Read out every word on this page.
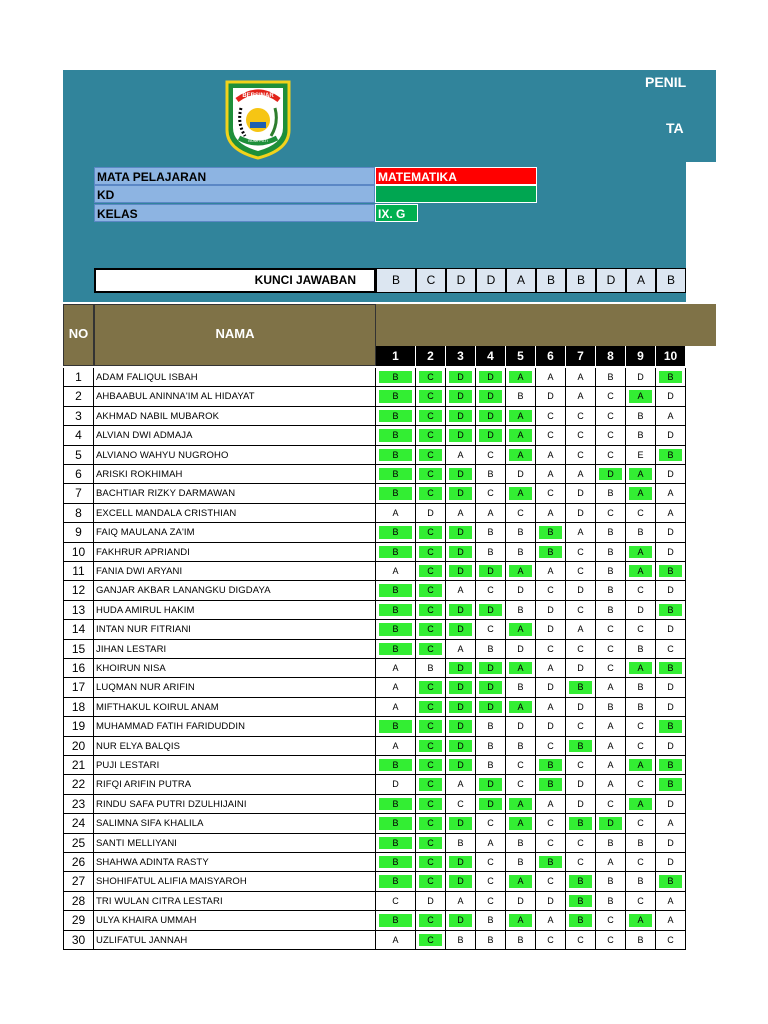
PENIL
TA
BERSINAR
BUMI PATI
MATA PELAJARAN	MATEMATIKA
KD
KELAS	IX. G
KUNCI JAWABAN	B	C	D	D	A	B	B	D	A	B
NO	NAMA
1	2	3	4	5	6	7	8	9	10
1	ADAM FALIQUL ISBAH	B	C	D	D	A	A	A	B	D	B
2	AHBAABUL ANINNA'IM AL HIDAYAT	B	C	D	D	B	D	A	C	A	D
3	AKHMAD NABIL MUBAROK	B	C	D	D	A	C	C	C	B	A
4	ALVIAN DWI ADMAJA	B	C	D	D	A	C	C	C	B	D
5	ALVIANO WAHYU NUGROHO	B	C	A	C	A	A	C	C	E	B
6	ARISKI ROKHIMAH	B	C	D	B	D	A	A	D	A	D
7	BACHTIAR RIZKY DARMAWAN	B	C	D	C	A	C	D	B	A	A
8	EXCELL MANDALA CRISTHIAN	A	D	A	A	C	A	D	C	C	A
9	FAIQ MAULANA ZA'IM	B	C	D	B	B	B	A	B	B	D
10	FAKHRUR APRIANDI	B	C	D	B	B	B	C	B	A	D
11	FANIA DWI ARYANI	A	C	D	D	A	A	C	B	A	B
12	GANJAR AKBAR LANANGKU DIGDAYA	B	C	A	C	D	C	D	B	C	D
13	HUDA AMIRUL HAKIM	B	C	D	D	B	D	C	B	D	B
14	INTAN NUR FITRIANI	B	C	D	C	A	D	A	C	C	D
15	JIHAN LESTARI	B	C	A	B	D	C	C	C	B	C
16	KHOIRUN NISA	A	B	D	D	A	A	D	C	A	B
17	LUQMAN NUR ARIFIN	A	C	D	D	B	D	B	A	B	D
18	MIFTHAKUL KOIRUL ANAM	A	C	D	D	A	A	D	B	B	D
19	MUHAMMAD FATIH FARIDUDDIN	B	C	D	B	D	D	C	A	C	B
20	NUR ELYA BALQIS	A	C	D	B	B	C	B	A	C	D
21	PUJI LESTARI	B	C	D	B	C	B	C	A	A	B
22	RIFQI ARIFIN PUTRA	D	C	A	D	C	B	D	A	C	B
23	RINDU SAFA PUTRI DZULHIJAINI	B	C	C	D	A	A	D	C	A	D
24	SALIMNA SIFA KHALILA	B	C	D	C	A	C	B	D	C	A
25	SANTI MELLIYANI	B	C	B	A	B	C	C	B	B	D
26	SHAHWA ADINTA RASTY	B	C	D	C	B	B	C	A	C	D
27	SHOHIFATUL ALIFIA MAISYAROH	B	C	D	C	A	C	B	B	B	B
28	TRI WULAN CITRA LESTARI	C	D	A	C	D	D	B	B	C	A
29	ULYA KHAIRA UMMAH	B	C	D	B	A	A	B	C	A	A
30	UZLIFATUL JANNAH	A	C	B	B	B	C	C	C	B	C
